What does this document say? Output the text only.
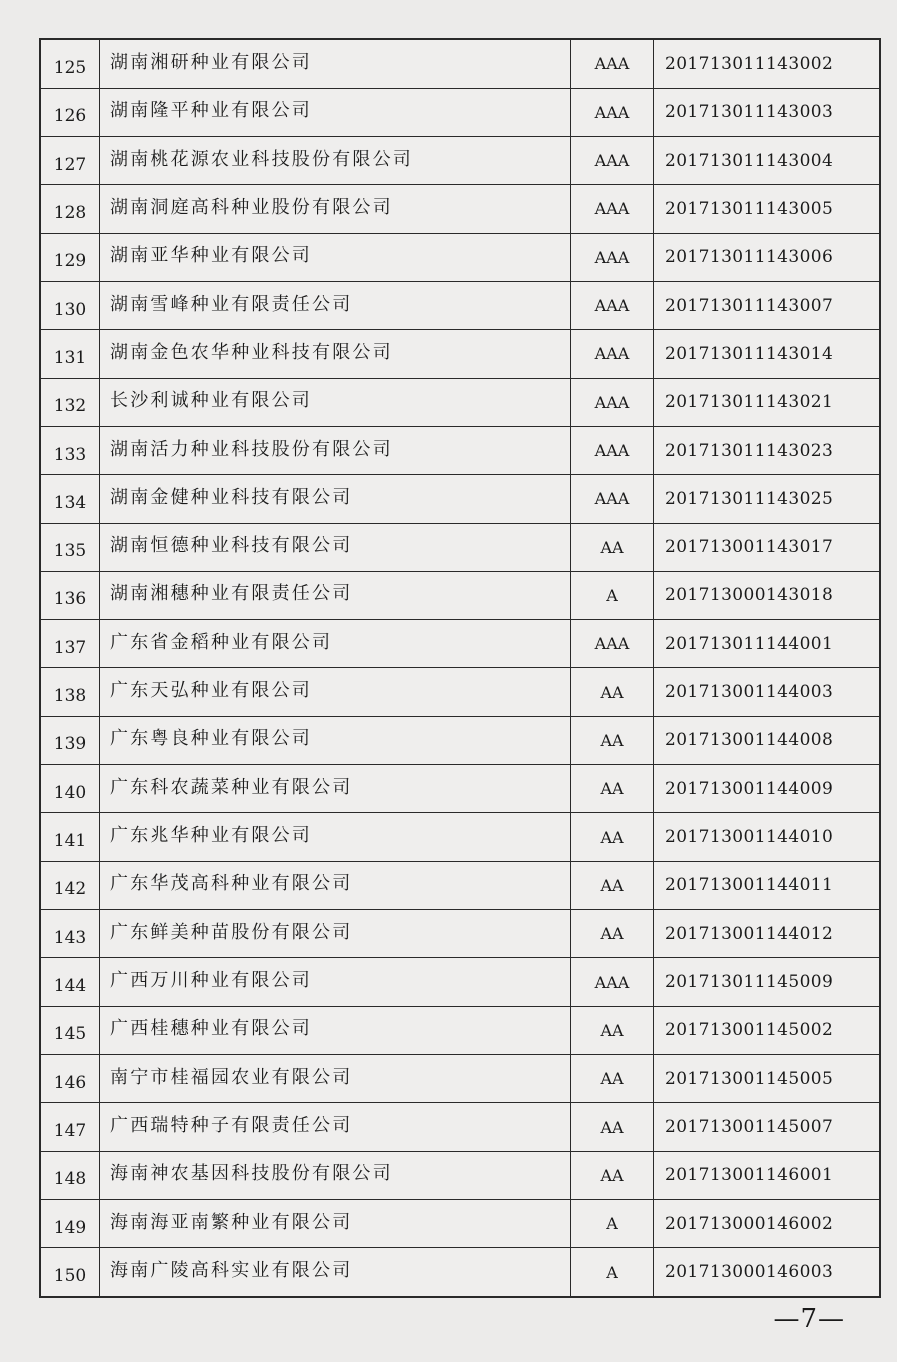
125	湖南湘研种业有限公司	AAA	201713011143002
126	湖南隆平种业有限公司	AAA	201713011143003
127	湖南桃花源农业科技股份有限公司	AAA	201713011143004
128	湖南洞庭高科种业股份有限公司	AAA	201713011143005
129	湖南亚华种业有限公司	AAA	201713011143006
130	湖南雪峰种业有限责任公司	AAA	201713011143007
131	湖南金色农华种业科技有限公司	AAA	201713011143014
132	长沙利诚种业有限公司	AAA	201713011143021
133	湖南活力种业科技股份有限公司	AAA	201713011143023
134	湖南金健种业科技有限公司	AAA	201713011143025
135	湖南恒德种业科技有限公司	AA	201713001143017
136	湖南湘穗种业有限责任公司	A	201713000143018
137	广东省金稻种业有限公司	AAA	201713011144001
138	广东天弘种业有限公司	AA	201713001144003
139	广东粤良种业有限公司	AA	201713001144008
140	广东科农蔬菜种业有限公司	AA	201713001144009
141	广东兆华种业有限公司	AA	201713001144010
142	广东华茂高科种业有限公司	AA	201713001144011
143	广东鲜美种苗股份有限公司	AA	201713001144012
144	广西万川种业有限公司	AAA	201713011145009
145	广西桂穗种业有限公司	AA	201713001145002
146	南宁市桂福园农业有限公司	AA	201713001145005
147	广西瑞特种子有限责任公司	AA	201713001145007
148	海南神农基因科技股份有限公司	AA	201713001146001
149	海南海亚南繁种业有限公司	A	201713000146002
150	海南广陵高科实业有限公司	A	201713000146003
—7—
